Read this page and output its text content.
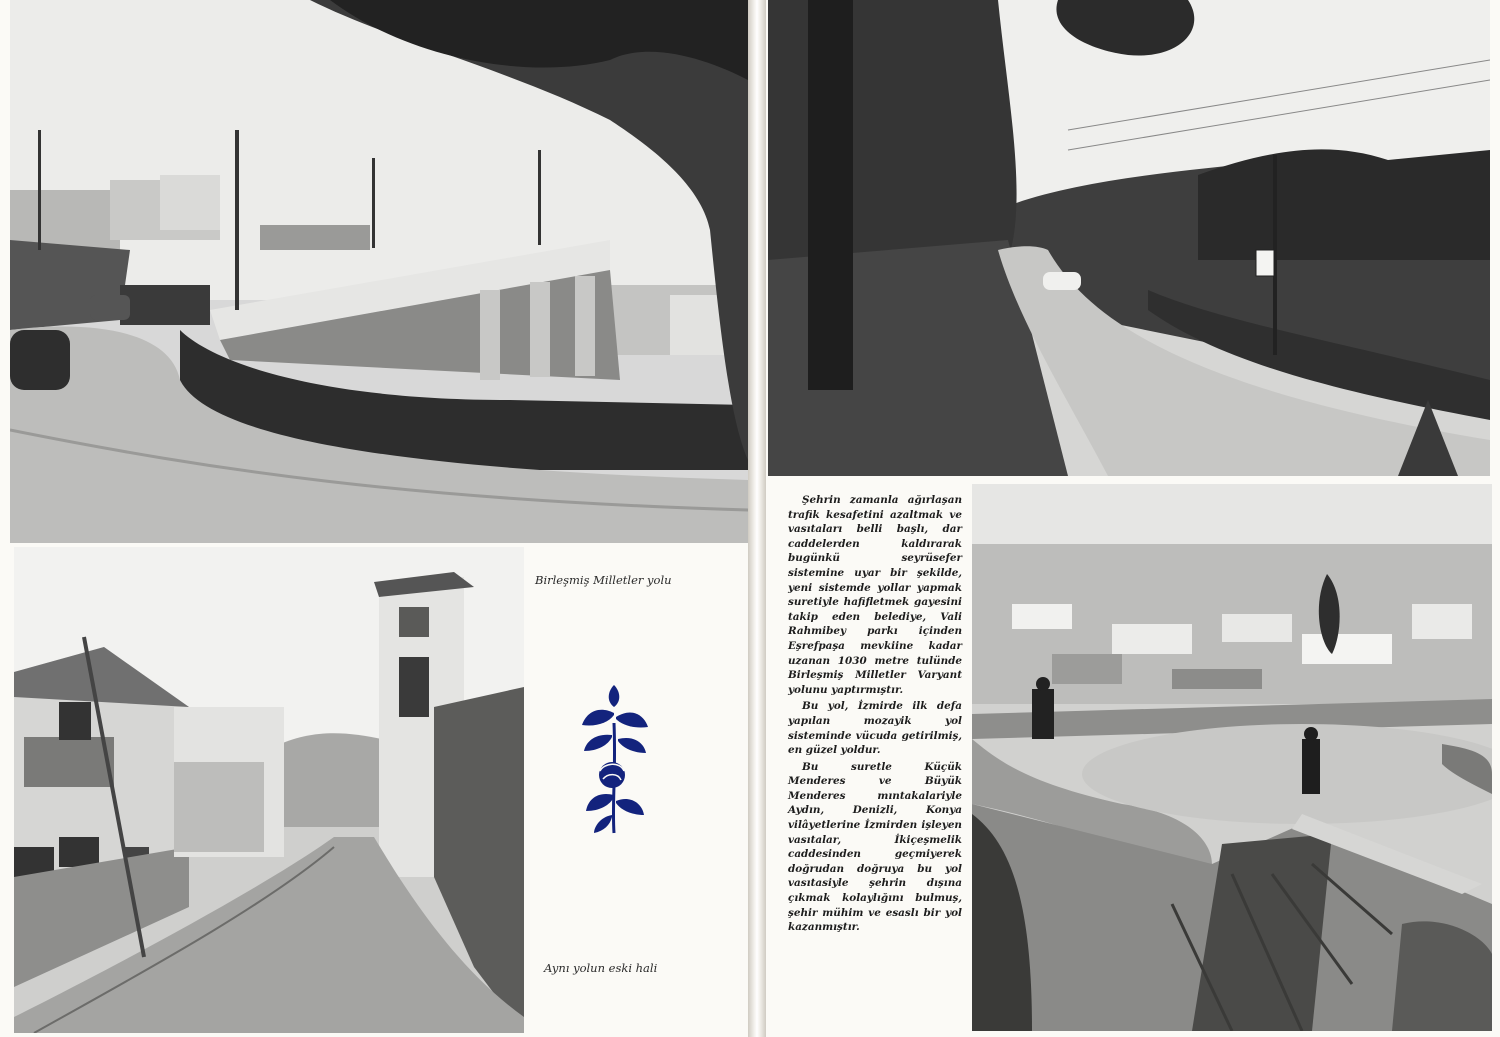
Birleşmiş Milletler yolu
Aynı yolun eski hali

Şehrin zamanla ağırlaşan trafik kesafetini azaltmak ve vasıtaları belli başlı, dar caddelerden kaldırarak bugünkü seyrüsefer sistemine uyar bir şekilde, yeni sistemde yollar yapmak suretiyle hafifletmek gayesini takip eden belediye, Vali Rahmibey parkı içinden Eşrefpaşa mevkiine kadar uzanan 1030 metre tulünde Birleşmiş Milletler Varyant yolunu yaptırmıştır.

Bu yol, İzmirde ilk defa yapılan mozayik yol sisteminde vücuda getirilmiş, en güzel yoldur.

Bu suretle Küçük Menderes ve Büyük Menderes mıntakalariyle Aydın, Denizli, Konya vilâyetlerine İzmirden işleyen vasıtalar, İkiçeşmelik caddesinden geçmiyerek doğrudan doğruya bu yol vasıtasiyle şehrin dışına çıkmak kolaylığını bulmuş, şehir mühim ve esaslı bir yol kazanmıştır.
